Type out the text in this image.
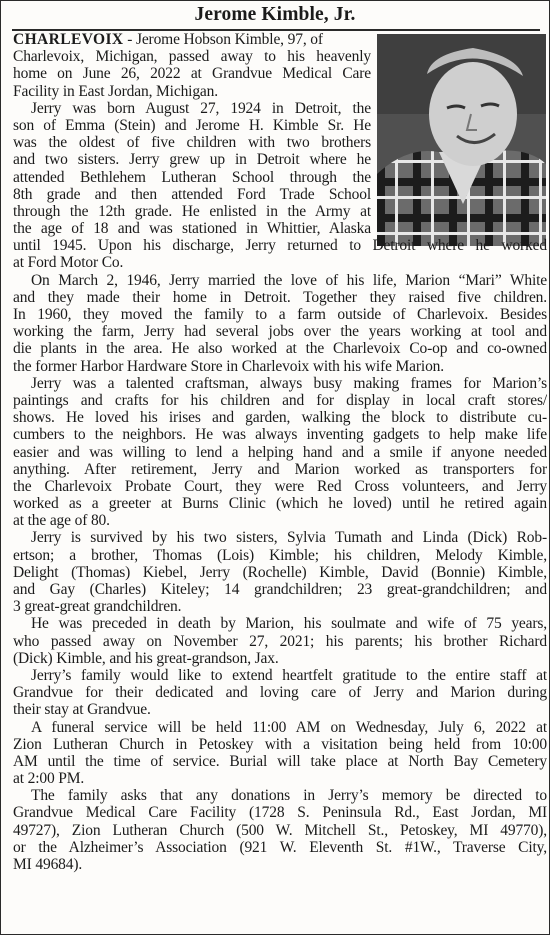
Jerome Kimble, Jr.
CHARLEVOIX - Jerome Hobson Kimble, 97, of
Charlevoix, Michigan, passed away to his heavenly
home on June 26, 2022 at Grandvue Medical Care
Facility in East Jordan, Michigan.
Jerry was born August 27, 1924 in Detroit, the
son of Emma (Stein) and Jerome H. Kimble Sr. He
was the oldest of five children with two brothers
and two sisters. Jerry grew up in Detroit where he
attended Bethlehem Lutheran School through the
8th grade and then attended Ford Trade School
through the 12th grade. He enlisted in the Army at
the age of 18 and was stationed in Whittier, Alaska
until 1945. Upon his discharge, Jerry returned to Detroit where he worked
at Ford Motor Co.
On March 2, 1946, Jerry married the love of his life, Marion “Mari” White
and they made their home in Detroit. Together they raised five children.
In 1960, they moved the family to a farm outside of Charlevoix. Besides
working the farm, Jerry had several jobs over the years working at tool and
die plants in the area. He also worked at the Charlevoix Co-op and co-owned
the former Harbor Hardware Store in Charlevoix with his wife Marion.
Jerry was a talented craftsman, always busy making frames for Marion’s
paintings and crafts for his children and for display in local craft stores/
shows. He loved his irises and garden, walking the block to distribute cu-
cumbers to the neighbors. He was always inventing gadgets to help make life
easier and was willing to lend a helping hand and a smile if anyone needed
anything. After retirement, Jerry and Marion worked as transporters for
the Charlevoix Probate Court, they were Red Cross volunteers, and Jerry
worked as a greeter at Burns Clinic (which he loved) until he retired again
at the age of 80.
Jerry is survived by his two sisters, Sylvia Tumath and Linda (Dick) Rob-
ertson; a brother, Thomas (Lois) Kimble; his children, Melody Kimble,
Delight (Thomas) Kiebel, Jerry (Rochelle) Kimble, David (Bonnie) Kimble,
and Gay (Charles) Kiteley; 14 grandchildren; 23 great-grandchildren; and
3 great-great grandchildren.
He was preceded in death by Marion, his soulmate and wife of 75 years,
who passed away on November 27, 2021; his parents; his brother Richard
(Dick) Kimble, and his great-grandson, Jax.
Jerry’s family would like to extend heartfelt gratitude to the entire staff at
Grandvue for their dedicated and loving care of Jerry and Marion during
their stay at Grandvue.
A funeral service will be held 11:00 AM on Wednesday, July 6, 2022 at
Zion Lutheran Church in Petoskey with a visitation being held from 10:00
AM until the time of service. Burial will take place at North Bay Cemetery
at 2:00 PM.
The family asks that any donations in Jerry’s memory be directed to
Grandvue Medical Care Facility (1728 S. Peninsula Rd., East Jordan, MI
49727), Zion Lutheran Church (500 W. Mitchell St., Petoskey, MI 49770),
or the Alzheimer’s Association (921 W. Eleventh St. #1W., Traverse City,
MI 49684).
